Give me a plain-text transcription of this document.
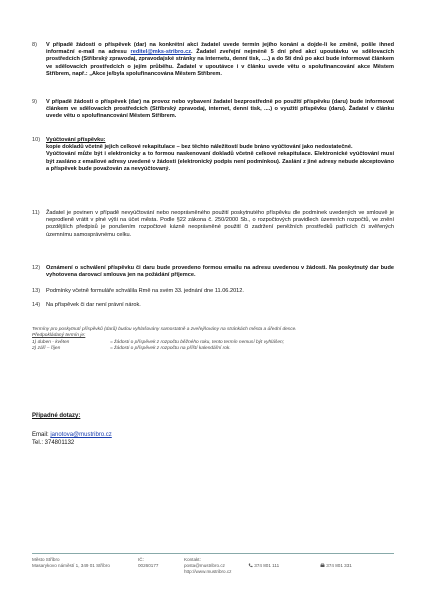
8)	V případě žádosti o příspěvek (dar) na konkrétní akci žadatel uvede termín jejího konání a dojde-li ke změně, pošle ihned informační e-mail na adresu reditel@mks-stribro.cz. Žadatel zveřejní nejméně 5 dní před akcí upoutávku ve sdělovacích prostředcích (Stříbrský zpravodaj, zpravodajské stránky na internetu, denní tisk, ....) a do 5ti dnů po akci bude informovat článkem ve sdělovacích prostředcích o jejím průběhu. Žadatel v upoutávce i v článku uvede větu o spolufinancování akce Městem Stříbrem, např.: „Akce je/byla spolufinancována Městem Stříbrem.
9)	V případě žádosti o příspěvek (dar) na provoz nebo vybavení žadatel bezprostředně po použití příspěvku (daru) bude informovat článkem ve sdělovacích prostředcích (Stříbrský zpravodaj, internet, denní tisk, ....) o využití příspěvku (daru). Žadatel v článku uvede větu o spolufinancování Městem Stříbrem.
10)	Vyúčtování příspěvku:
kopie dokladů včetně jejich celkové rekapitulace – bez těchto náležitostí bude bráno vyúčtování jako nedostatečné.
Vyúčtování může být i elektronicky a to formou naskenovaní dokladů včetně celkové rekapitulace. Elektronické vyúčtování musí být zasláno z emailové adresy uvedené v žádosti (elektronický podpis není podmínkou). Zaslání z jiné adresy nebude akceptováno a příspěvek bude považován za nevyúčtovaný.
11)	Žadatel je povinen v případě nevyúčtování nebo neoprávněného použití poskytnutého příspěvku dle podmínek uvedených ve smlouvě je neprodleně vrátit v plné výši na účet města. Podle §22 zákona č. 250/2000 Sb., o rozpočtových pravidlech územních rozpočtů, ve znění pozdějších předpisů je porušením rozpočtové kázně neoprávněné použití či zadržení peněžních prostředků patřících či svěřených územnímu samosprávnému celku.
12)	Oznámení o schválení příspěvku či daru bude provedeno formou emailu na adresu uvedenou v žádosti. Na poskytnutý dar bude vyhotovena darovací smlouva jen na požádání příjemce.
13)	Podmínky včetně formuláře schválila Rmě na svém 33. jednání dne 11.06.2012.
14)	Na příspěvek či dar není právní nárok.
Termíny pro poskytnutí příspěvků (darů) budou vyhlašovány samostatně a zveřejňovány na stránkách města a úřední desce.
Předpokládaný termín je:
1) duben - květen	= žádosti o příspěvek z rozpočtu běžného roku, tento termín nemusí být vyhlášen;
2) září – říjen	= žádosti o příspěvek z rozpočtu na příští kalendářní rok.
Případné dotazy:
Email: janotova@mustribro.cz
Tel.: 374801132
Město Stříbro
Masarykovo náměstí 1, 349 01 Stříbro
IČ:
00260177
Kontakt:
posta@mustribro.cz
http://www.mustribro.cz
374 801 111	374 801 331
